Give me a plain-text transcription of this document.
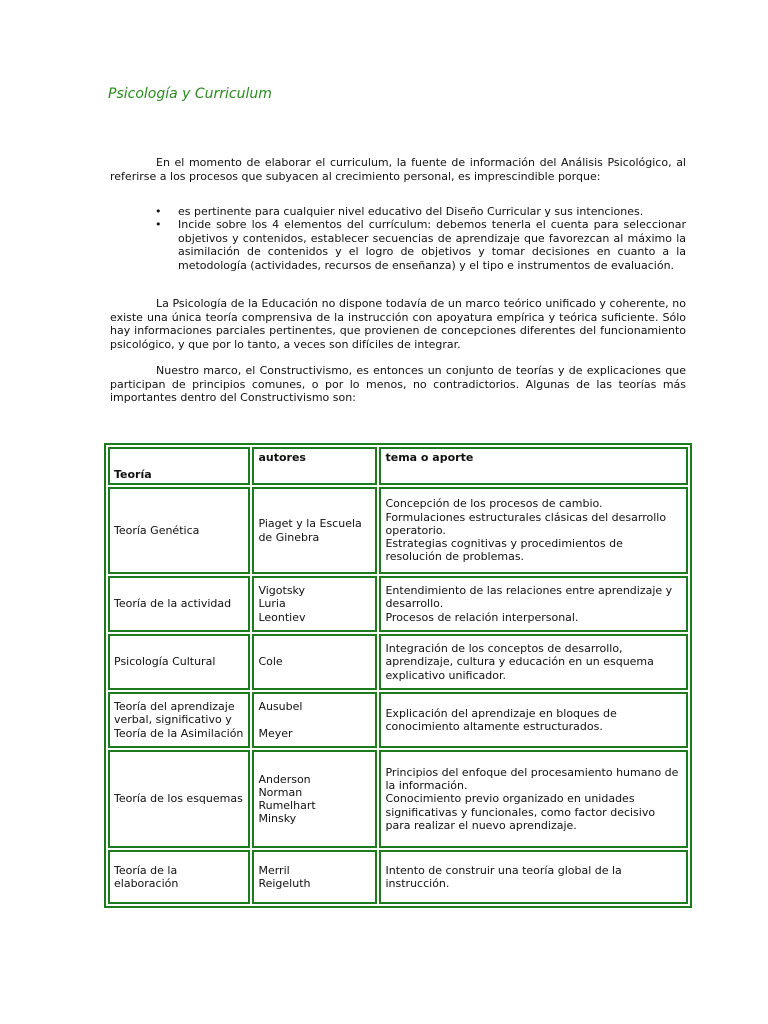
Psicología y Curriculum

En el momento de elaborar el curriculum, la fuente de información del Análisis Psicológico, al referirse a los procesos que subyacen al crecimiento personal, es imprescindible porque:

• es pertinente para cualquier nivel educativo del Diseño Curricular y sus intenciones.
• Incide sobre los 4 elementos del currículum: debemos tenerla el cuenta para seleccionar objetivos y contenidos, establecer secuencias de aprendizaje que favorezcan al máximo la asimilación de contenidos y el logro de objetivos y tomar decisiones en cuanto a la metodología (actividades, recursos de enseñanza) y el tipo e instrumentos de evaluación.

La Psicología de la Educación no dispone todavía de un marco teórico unificado y coherente, no existe una única teoría comprensiva de la instrucción con apoyatura empírica y teórica suficiente. Sólo hay informaciones parciales pertinentes, que provienen de concepciones diferentes del funcionamiento psicológico, y que por lo tanto, a veces son difíciles de integrar.

Nuestro marco, el Constructivismo, es entonces un conjunto de teorías y de explicaciones que participan de principios comunes, o por lo menos, no contradictorios. Algunas de las teorías más importantes dentro del Constructivismo son:

Teoría	autores	tema o aporte
Teoría Genética	Piaget y la Escuela de Ginebra	Concepción de los procesos de cambio.
Formulaciones estructurales clásicas del desarrollo operatorio.
Estrategias cognitivas y procedimientos de resolución de problemas.
Teoría de la actividad	Vigotsky
Luria
Leontiev	Entendimiento de las relaciones entre aprendizaje y desarrollo.
Procesos de relación interpersonal.
Psicología Cultural	Cole	Integración de los conceptos de desarrollo, aprendizaje, cultura y educación en un esquema explicativo unificador.
Teoría del aprendizaje verbal, significativo y Teoría de la Asimilación	Ausubel

Meyer	Explicación del aprendizaje en bloques de conocimiento altamente estructurados.
Teoría de los esquemas	Anderson
Norman
Rumelhart
Minsky	Principios del enfoque del procesamiento humano de la información.
Conocimiento previo organizado en unidades significativas y funcionales, como factor decisivo para realizar el nuevo aprendizaje.
Teoría de la elaboración	Merril
Reigeluth	Intento de construir una teoría global de la instrucción.
